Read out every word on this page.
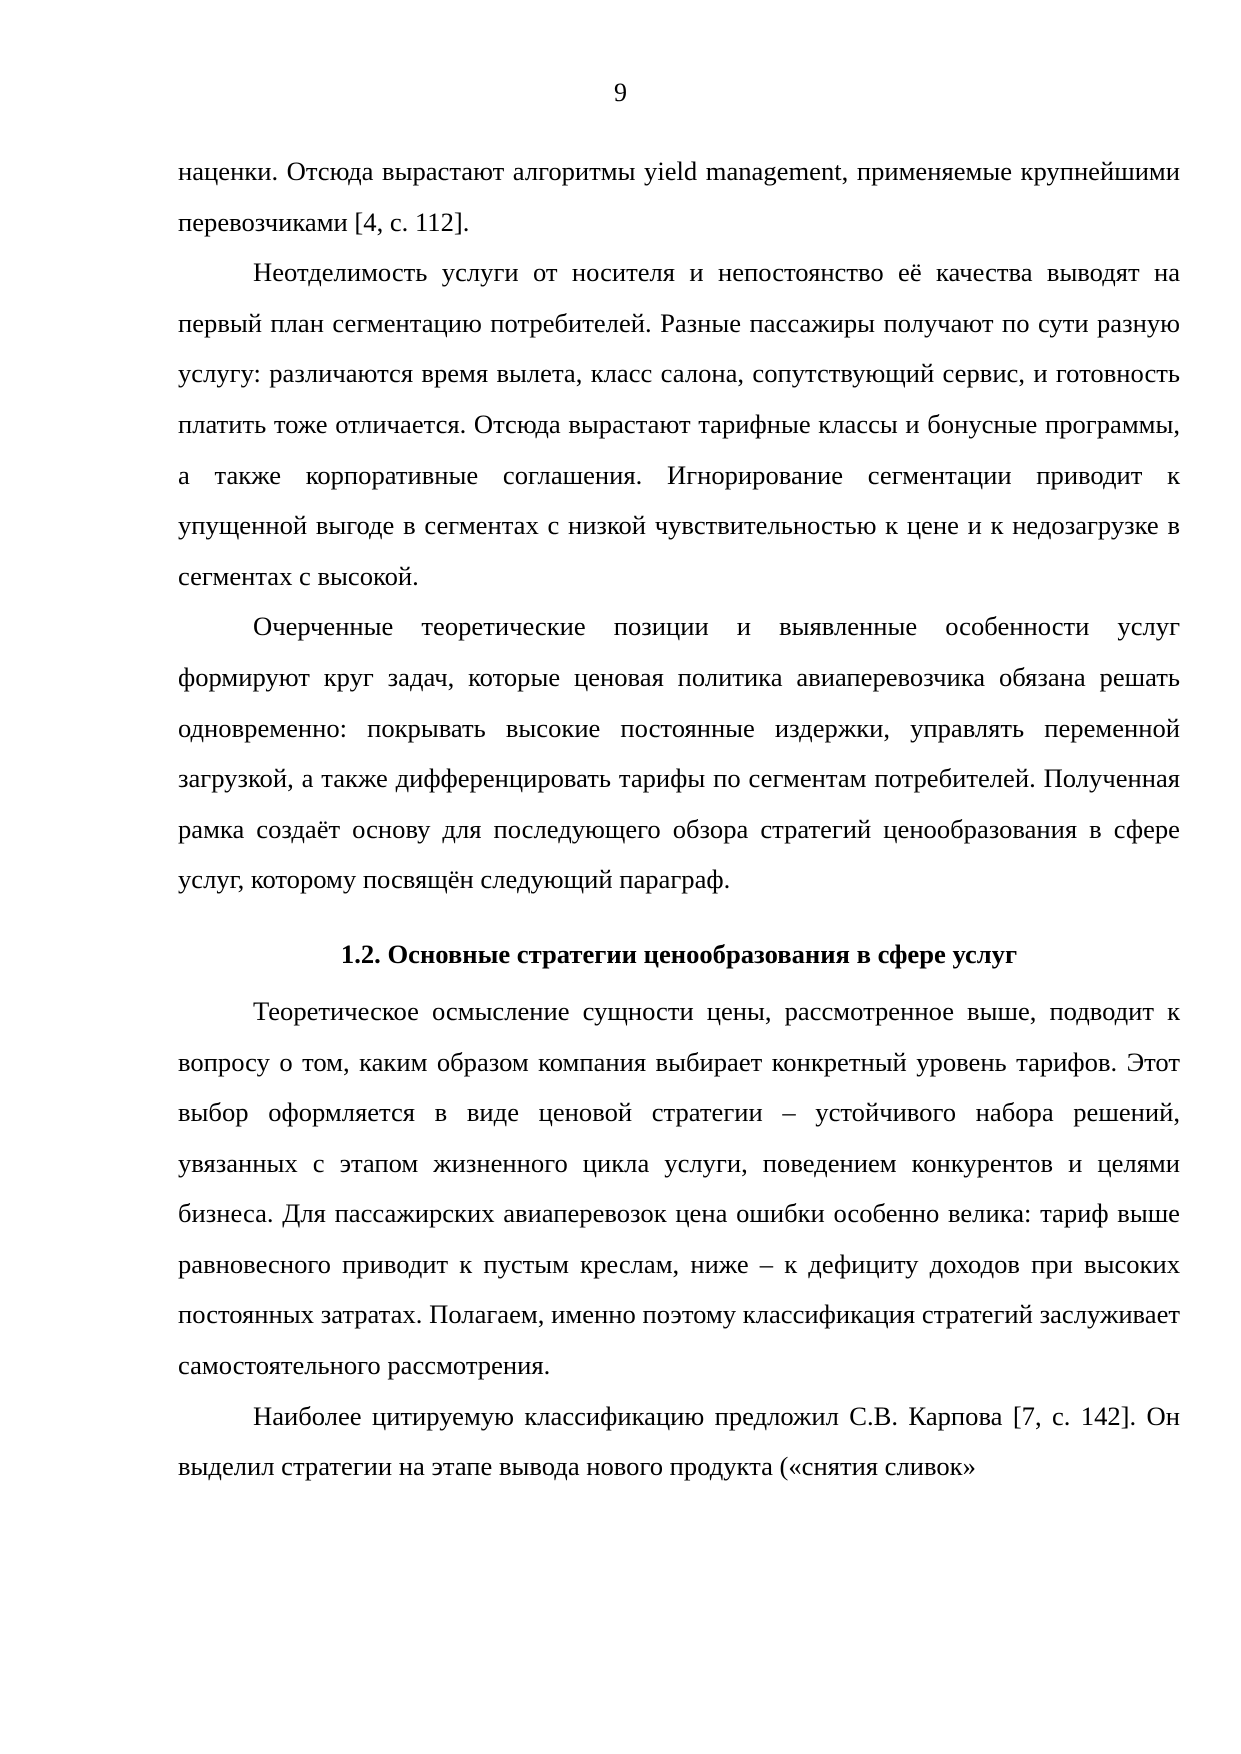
9

наценки. Отсюда вырастают алгоритмы yield management, применяемые крупнейшими перевозчиками [4, с. 112].

Неотделимость услуги от носителя и непостоянство её качества выводят на первый план сегментацию потребителей. Разные пассажиры получают по сути разную услугу: различаются время вылета, класс салона, сопутствующий сервис, и готовность платить тоже отличается. Отсюда вырастают тарифные классы и бонусные программы, а также корпоративные соглашения. Игнорирование сегментации приводит к упущенной выгоде в сегментах с низкой чувствительностью к цене и к недозагрузке в сегментах с высокой.

Очерченные теоретические позиции и выявленные особенности услуг формируют круг задач, которые ценовая политика авиаперевозчика обязана решать одновременно: покрывать высокие постоянные издержки, управлять переменной загрузкой, а также дифференцировать тарифы по сегментам потребителей. Полученная рамка создаёт основу для последующего обзора стратегий ценообразования в сфере услуг, которому посвящён следующий параграф.

1.2. Основные стратегии ценообразования в сфере услуг

Теоретическое осмысление сущности цены, рассмотренное выше, подводит к вопросу о том, каким образом компания выбирает конкретный уровень тарифов. Этот выбор оформляется в виде ценовой стратегии – устойчивого набора решений, увязанных с этапом жизненного цикла услуги, поведением конкурентов и целями бизнеса. Для пассажирских авиаперевозок цена ошибки особенно велика: тариф выше равновесного приводит к пустым креслам, ниже – к дефициту доходов при высоких постоянных затратах. Полагаем, именно поэтому классификация стратегий заслуживает самостоятельного рассмотрения.

Наиболее цитируемую классификацию предложил С.В. Карпова [7, с. 142]. Он выделил стратегии на этапе вывода нового продукта («снятия сливок»
